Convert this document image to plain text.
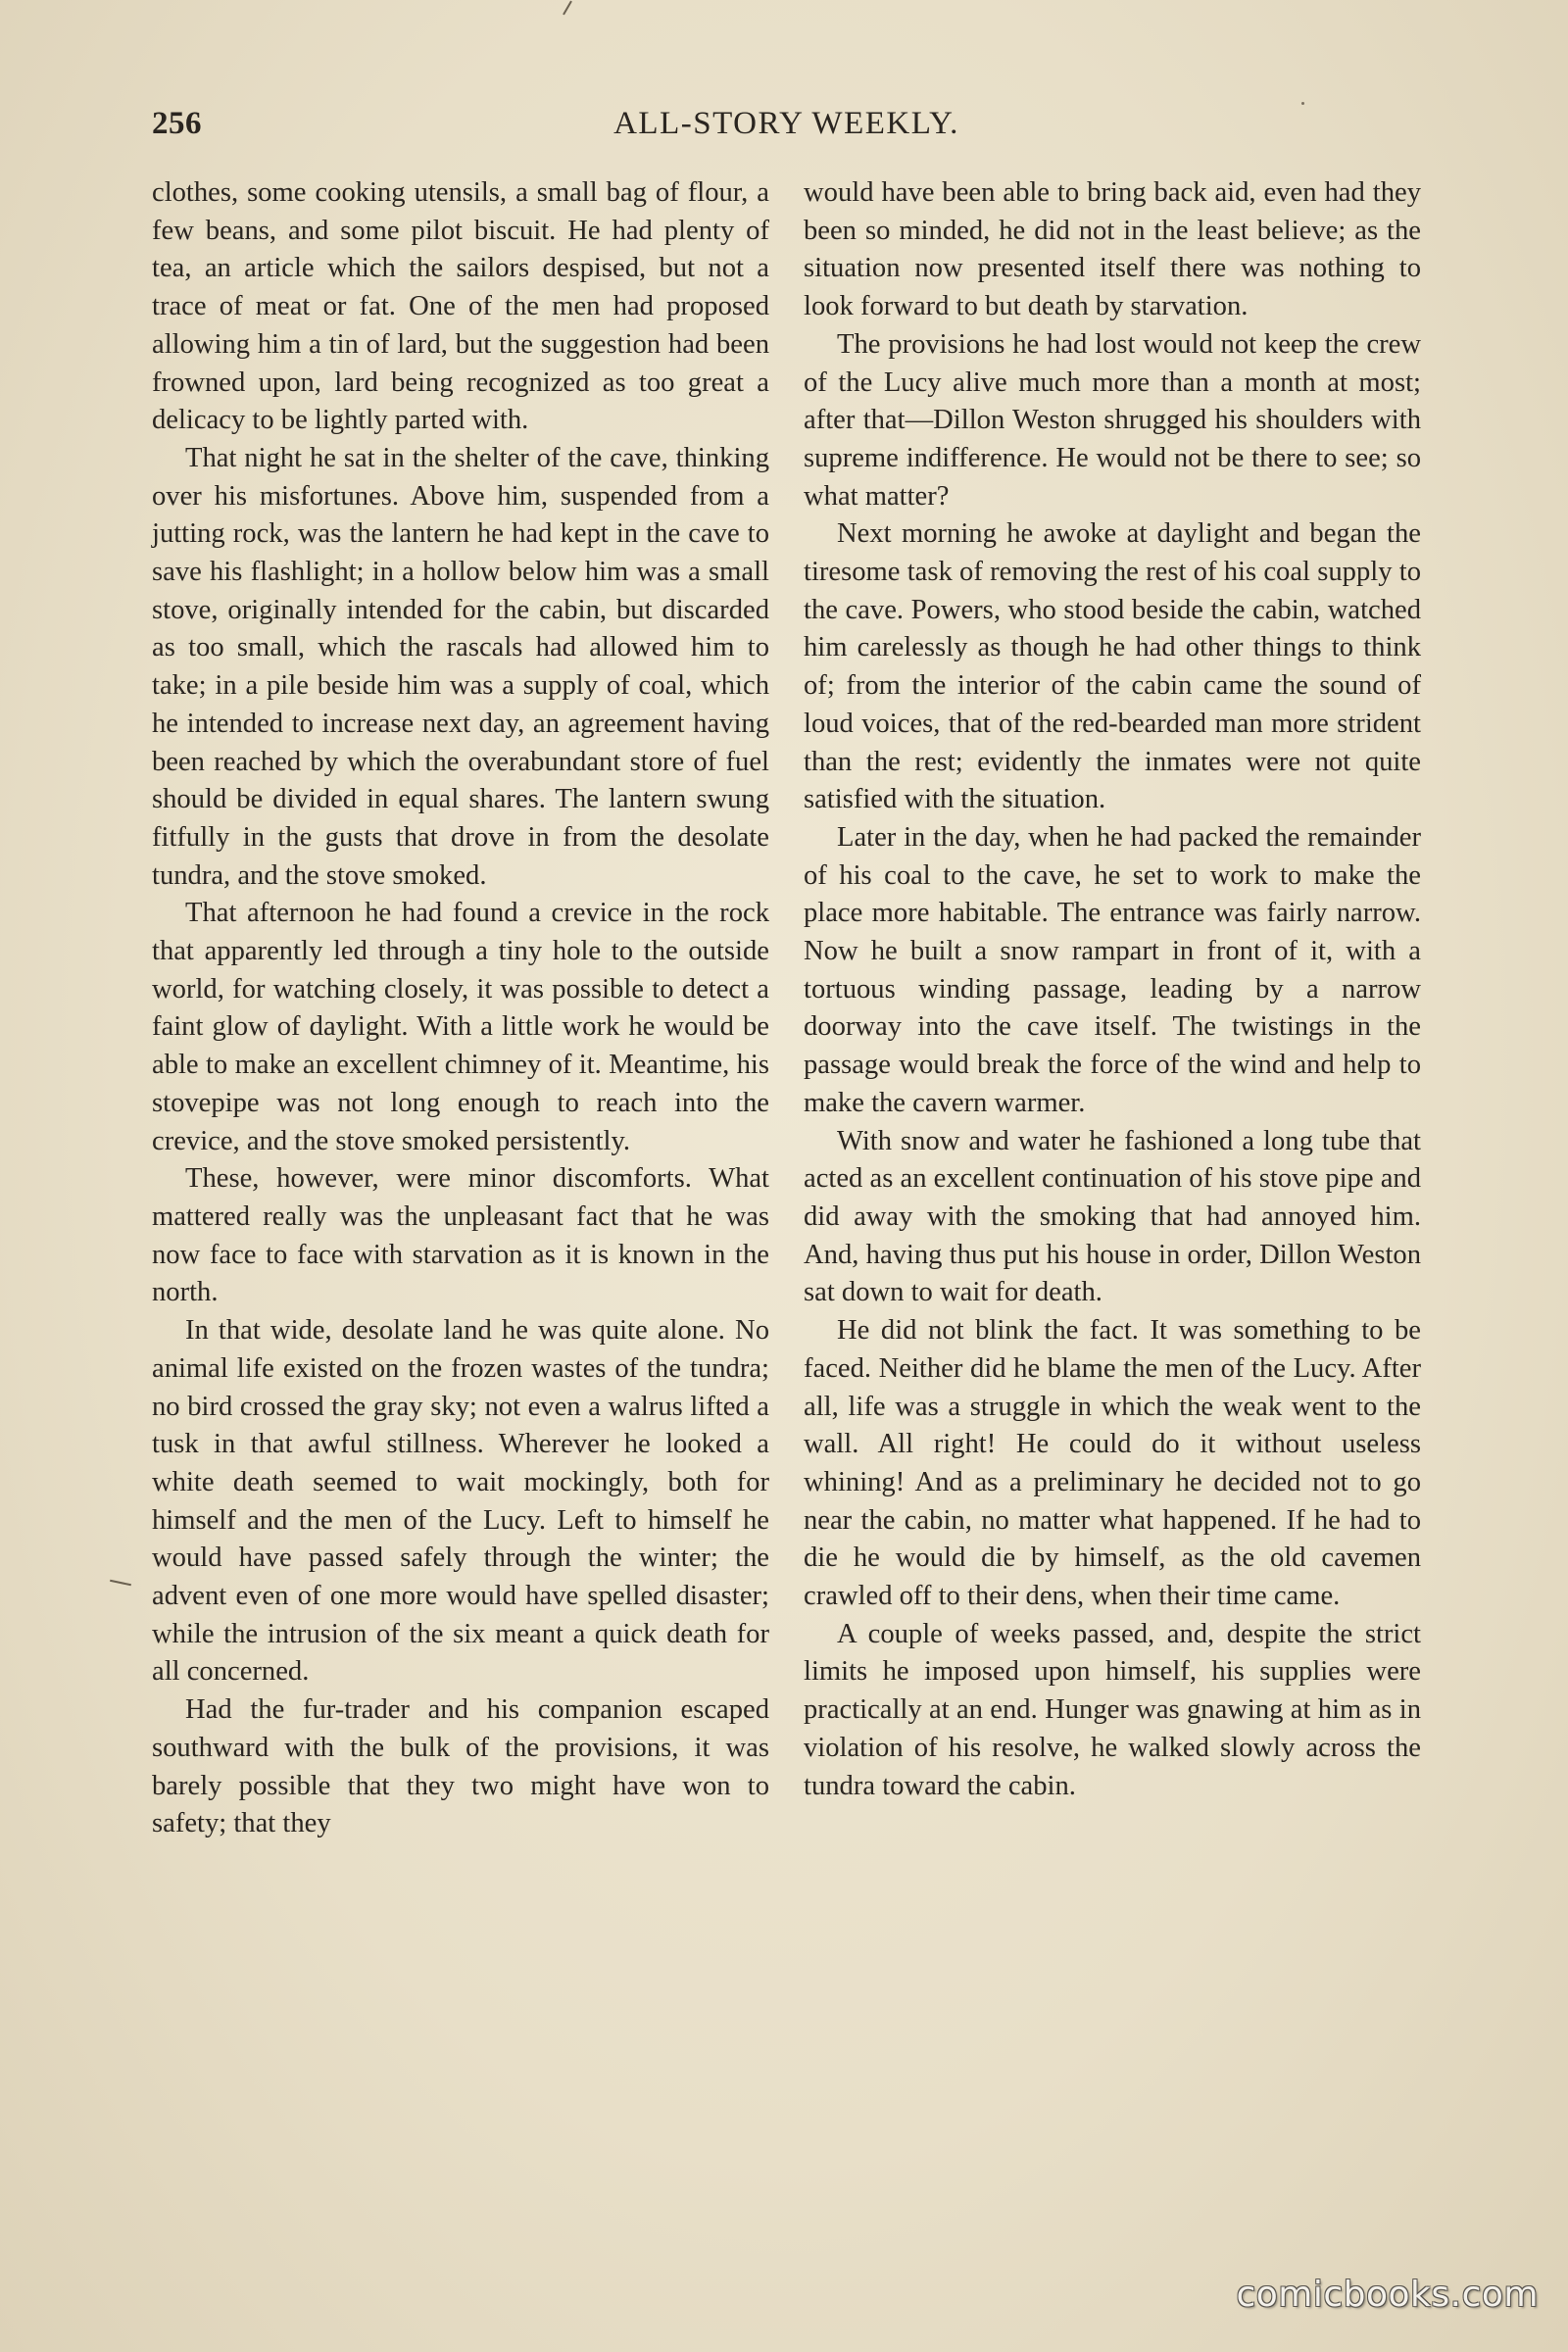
256	ALL-STORY WEEKLY.

clothes, some cooking utensils, a small bag of flour, a few beans, and some pilot biscuit. He had plenty of tea, an article which the sailors despised, but not a trace of meat or fat. One of the men had proposed allowing him a tin of lard, but the suggestion had been frowned upon, lard being recognized as too great a delicacy to be lightly parted with.

That night he sat in the shelter of the cave, thinking over his misfortunes. Above him, suspended from a jutting rock, was the lantern he had kept in the cave to save his flashlight; in a hollow below him was a small stove, originally intended for the cabin, but discarded as too small, which the rascals had allowed him to take; in a pile beside him was a supply of coal, which he intended to increase next day, an agreement having been reached by which the overabundant store of fuel should be divided in equal shares. The lantern swung fitfully in the gusts that drove in from the desolate tundra, and the stove smoked.

That afternoon he had found a crevice in the rock that apparently led through a tiny hole to the outside world, for watching closely, it was possible to detect a faint glow of daylight. With a little work he would be able to make an excellent chimney of it. Meantime, his stovepipe was not long enough to reach into the crevice, and the stove smoked persistently.

These, however, were minor discomforts. What mattered really was the unpleasant fact that he was now face to face with starvation as it is known in the north.

In that wide, desolate land he was quite alone. No animal life existed on the frozen wastes of the tundra; no bird crossed the gray sky; not even a walrus lifted a tusk in that awful stillness. Wherever he looked a white death seemed to wait mockingly, both for himself and the men of the Lucy. Left to himself he would have passed safely through the winter; the advent even of one more would have spelled disaster; while the intrusion of the six meant a quick death for all concerned.

Had the fur-trader and his companion escaped southward with the bulk of the provisions, it was barely possible that they two might have won to safety; that they

would have been able to bring back aid, even had they been so minded, he did not in the least believe; as the situation now presented itself there was nothing to look forward to but death by starvation.

The provisions he had lost would not keep the crew of the Lucy alive much more than a month at most; after that—Dillon Weston shrugged his shoulders with supreme indifference. He would not be there to see; so what matter?

Next morning he awoke at daylight and began the tiresome task of removing the rest of his coal supply to the cave. Powers, who stood beside the cabin, watched him carelessly as though he had other things to think of; from the interior of the cabin came the sound of loud voices, that of the red-bearded man more strident than the rest; evidently the inmates were not quite satisfied with the situation.

Later in the day, when he had packed the remainder of his coal to the cave, he set to work to make the place more habitable. The entrance was fairly narrow. Now he built a snow rampart in front of it, with a tortuous winding passage, leading by a narrow doorway into the cave itself. The twistings in the passage would break the force of the wind and help to make the cavern warmer.

With snow and water he fashioned a long tube that acted as an excellent continuation of his stove pipe and did away with the smoking that had annoyed him. And, having thus put his house in order, Dillon Weston sat down to wait for death.

He did not blink the fact. It was something to be faced. Neither did he blame the men of the Lucy. After all, life was a struggle in which the weak went to the wall. All right! He could do it without useless whining! And as a preliminary he decided not to go near the cabin, no matter what happened. If he had to die he would die by himself, as the old cavemen crawled off to their dens, when their time came.

A couple of weeks passed, and, despite the strict limits he imposed upon himself, his supplies were practically at an end. Hunger was gnawing at him as in violation of his resolve, he walked slowly across the tundra toward the cabin.

comicbooks.com
